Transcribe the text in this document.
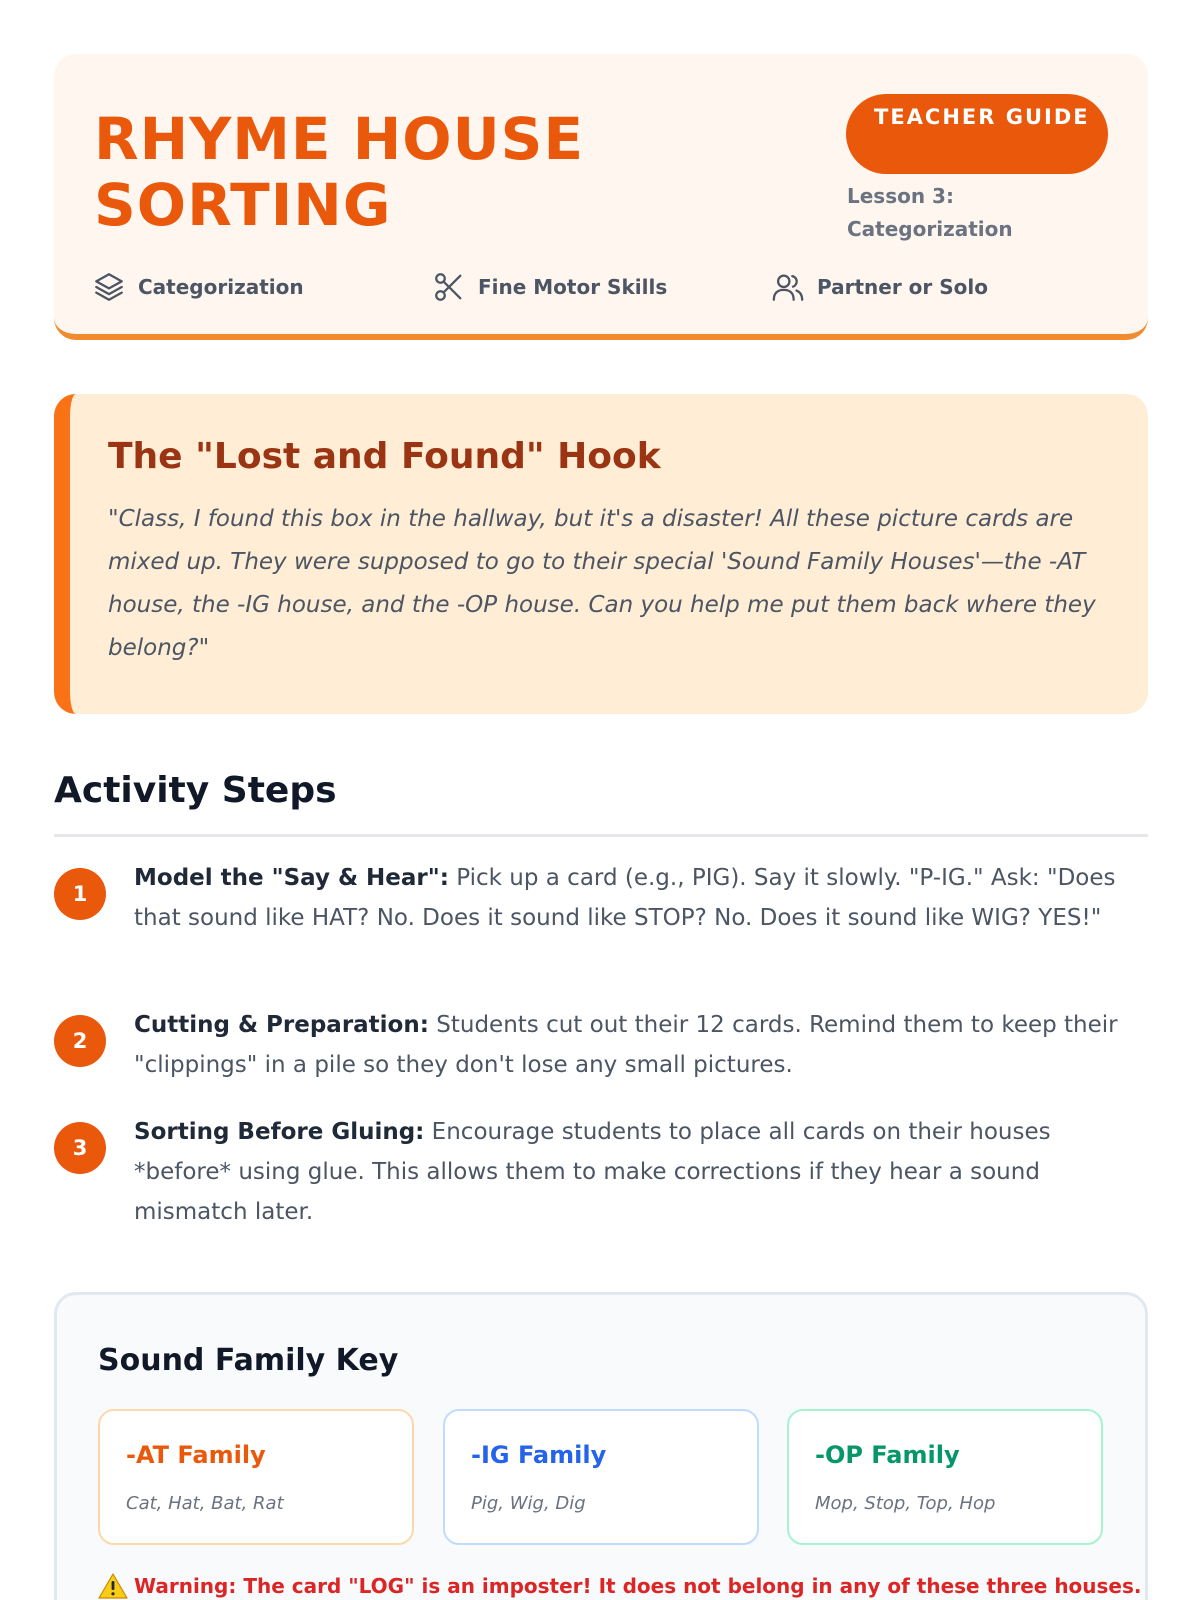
RHYME HOUSE SORTING
TEACHER GUIDE
Lesson 3: Categorization
Categorization	Fine Motor Skills	Partner or Solo
The "Lost and Found" Hook
"Class, I found this box in the hallway, but it's a disaster! All these picture cards are mixed up. They were supposed to go to their special 'Sound Family Houses'—the -AT house, the -IG house, and the -OP house. Can you help me put them back where they belong?"
Activity Steps
1
Model the "Say & Hear": Pick up a card (e.g., PIG). Say it slowly. "P-IG." Ask: "Does that sound like HAT? No. Does it sound like STOP? No. Does it sound like WIG? YES!"
2
Cutting & Preparation: Students cut out their 12 cards. Remind them to keep their "clippings" in a pile so they don't lose any small pictures.
3
Sorting Before Gluing: Encourage students to place all cards on their houses *before* using glue. This allows them to make corrections if they hear a sound mismatch later.
Sound Family Key
-AT Family
Cat, Hat, Bat, Rat
-IG Family
Pig, Wig, Dig
-OP Family
Mop, Stop, Top, Hop
Warning: The card "LOG" is an imposter! It does not belong in any of these three houses.
